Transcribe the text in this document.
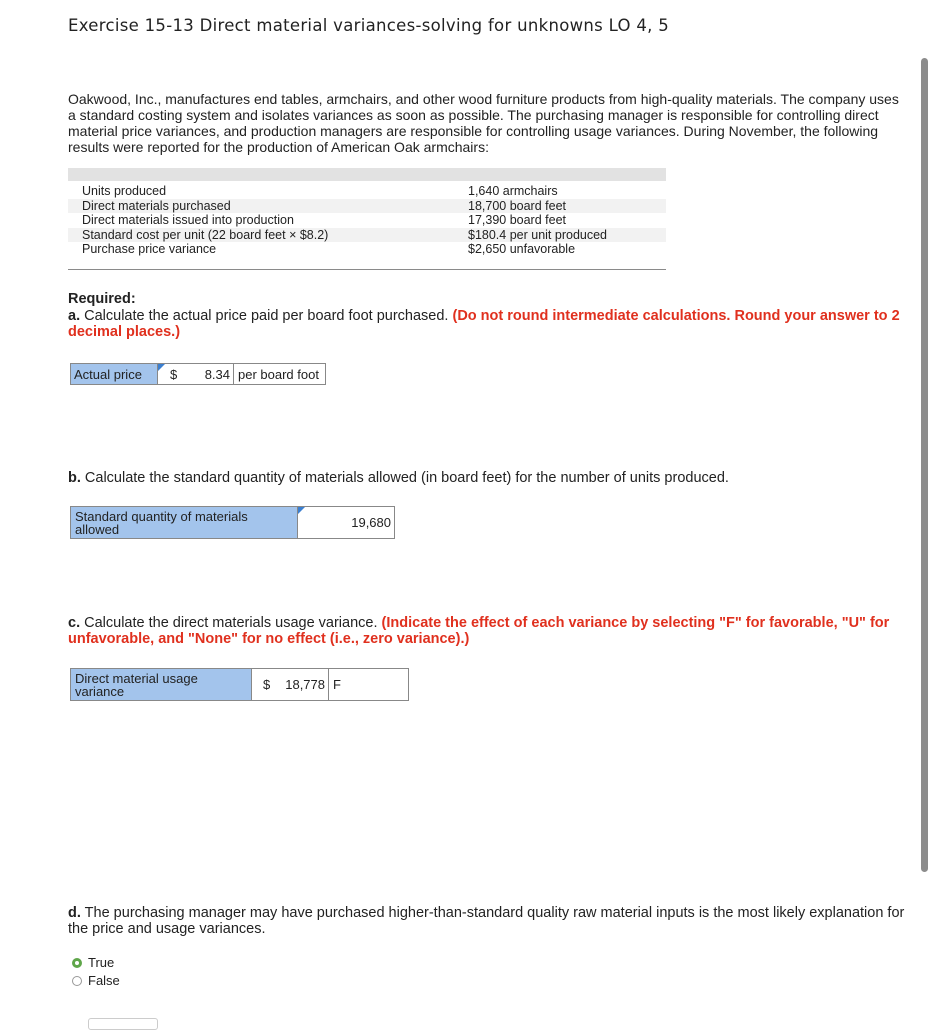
Exercise 15-13 Direct material variances-solving for unknowns LO 4, 5
Oakwood, Inc., manufactures end tables, armchairs, and other wood furniture products from high-quality materials. The company uses a standard costing system and isolates variances as soon as possible. The purchasing manager is responsible for controlling direct material price variances, and production managers are responsible for controlling usage variances. During November, the following results were reported for the production of American Oak armchairs:
Units produced	1,640 armchairs
Direct materials purchased	18,700 board feet
Direct materials issued into production	17,390 board feet
Standard cost per unit (22 board feet × $8.2)	$180.4 per unit produced
Purchase price variance	$2,650 unfavorable
Required:
a. Calculate the actual price paid per board foot purchased. (Do not round intermediate calculations. Round your answer to 2 decimal places.)
Actual price	$ 8.34 per board foot
b. Calculate the standard quantity of materials allowed (in board feet) for the number of units produced.
Standard quantity of materials allowed	19,680
c. Calculate the direct materials usage variance. (Indicate the effect of each variance by selecting "F" for favorable, "U" for unfavorable, and "None" for no effect (i.e., zero variance).)
Direct material usage variance	$ 18,778 F
d. The purchasing manager may have purchased higher-than-standard quality raw material inputs is the most likely explanation for the price and usage variances.
True
False
